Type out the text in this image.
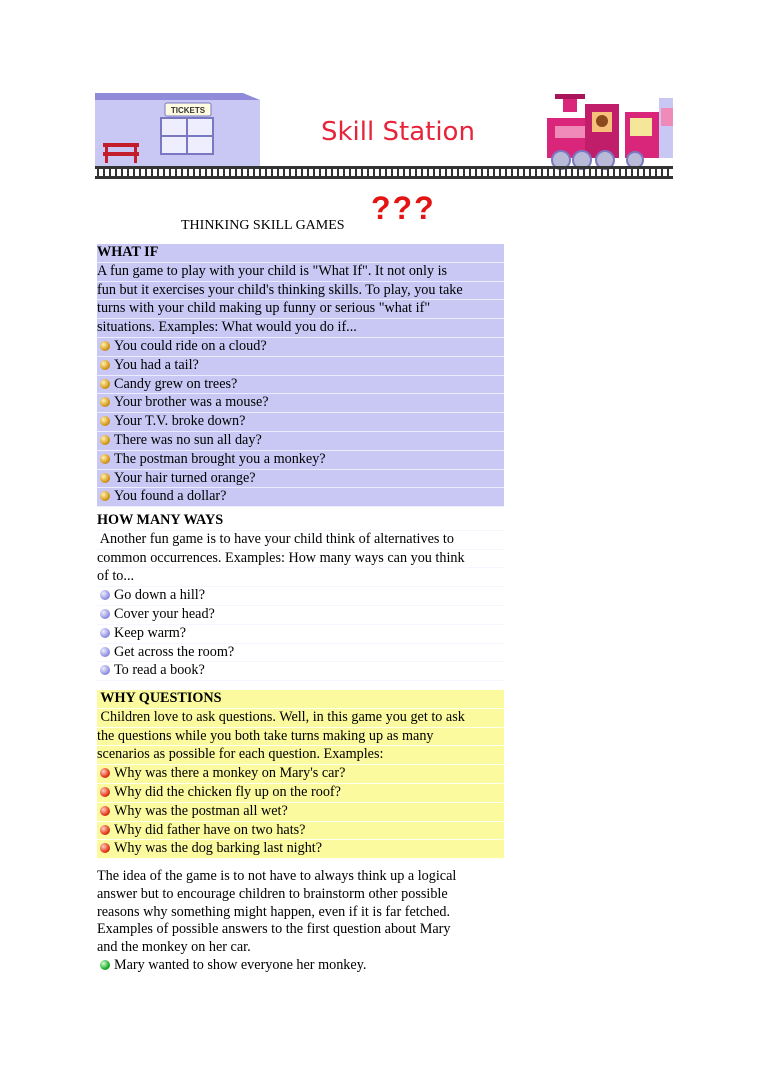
TICKETS
Skill Station
THINKING SKILL GAMES ???
WHAT IF
A fun game to play with your child is "What If". It not only is
fun but it exercises your child's thinking skills. To play, you take
turns with your child making up funny or serious "what if"
situations. Examples: What would you do if...
You could ride on a cloud?
You had a tail?
Candy grew on trees?
Your brother was a mouse?
Your T.V. broke down?
There was no sun all day?
The postman brought you a monkey?
Your hair turned orange?
You found a dollar?
HOW MANY WAYS
Another fun game is to have your child think of alternatives to
common occurrences. Examples: How many ways can you think
of to...
Go down a hill?
Cover your head?
Keep warm?
Get across the room?
To read a book?
WHY QUESTIONS
Children love to ask questions. Well, in this game you get to ask
the questions while you both take turns making up as many
scenarios as possible for each question. Examples:
Why was there a monkey on Mary's car?
Why did the chicken fly up on the roof?
Why was the postman all wet?
Why did father have on two hats?
Why was the dog barking last night?
The idea of the game is to not have to always think up a logical
answer but to encourage children to brainstorm other possible
reasons why something might happen, even if it is far fetched.
Examples of possible answers to the first question about Mary
and the monkey on her car.
Mary wanted to show everyone her monkey.
